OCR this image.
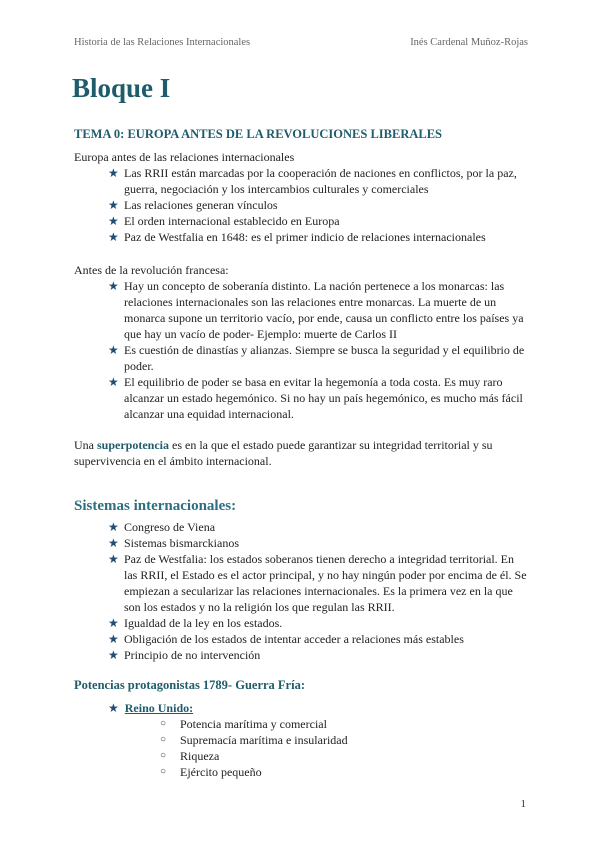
Historia de las Relaciones Internacionales	Inés Cardenal Muñoz-Rojas
Bloque I
TEMA 0: EUROPA ANTES DE LA REVOLUCIONES LIBERALES
Europa antes de las relaciones internacionales
★ Las RRII están marcadas por la cooperación de naciones en conflictos, por la paz, guerra, negociación y los intercambios culturales y comerciales
★ Las relaciones generan vínculos
★ El orden internacional establecido en Europa
★ Paz de Westfalia en 1648: es el primer indicio de relaciones internacionales
Antes de la revolución francesa:
★ Hay un concepto de soberanía distinto. La nación pertenece a los monarcas: las relaciones internacionales son las relaciones entre monarcas. La muerte de un monarca supone un territorio vacío, por ende, causa un conflicto entre los países ya que hay un vacío de poder- Ejemplo: muerte de Carlos II
★ Es cuestión de dinastías y alianzas. Siempre se busca la seguridad y el equilibrio de poder.
★ El equilibrio de poder se basa en evitar la hegemonía a toda costa. Es muy raro alcanzar un estado hegemónico. Si no hay un país hegemónico, es mucho más fácil alcanzar una equidad internacional.
Una superpotencia es en la que el estado puede garantizar su integridad territorial y su supervivencia en el ámbito internacional.
Sistemas internacionales:
★ Congreso de Viena
★ Sistemas bismarckianos
★ Paz de Westfalia: los estados soberanos tienen derecho a integridad territorial. En las RRII, el Estado es el actor principal, y no hay ningún poder por encima de él. Se empiezan a secularizar las relaciones internacionales. Es la primera vez en la que son los estados y no la religión los que regulan las RRII.
★ Igualdad de la ley en los estados.
★ Obligación de los estados de intentar acceder a relaciones más estables
★ Principio de no intervención
Potencias protagonistas 1789- Guerra Fría:
★ Reino Unido:
○ Potencia marítima y comercial
○ Supremacía marítima e insularidad
○ Riqueza
○ Ejército pequeño
1
